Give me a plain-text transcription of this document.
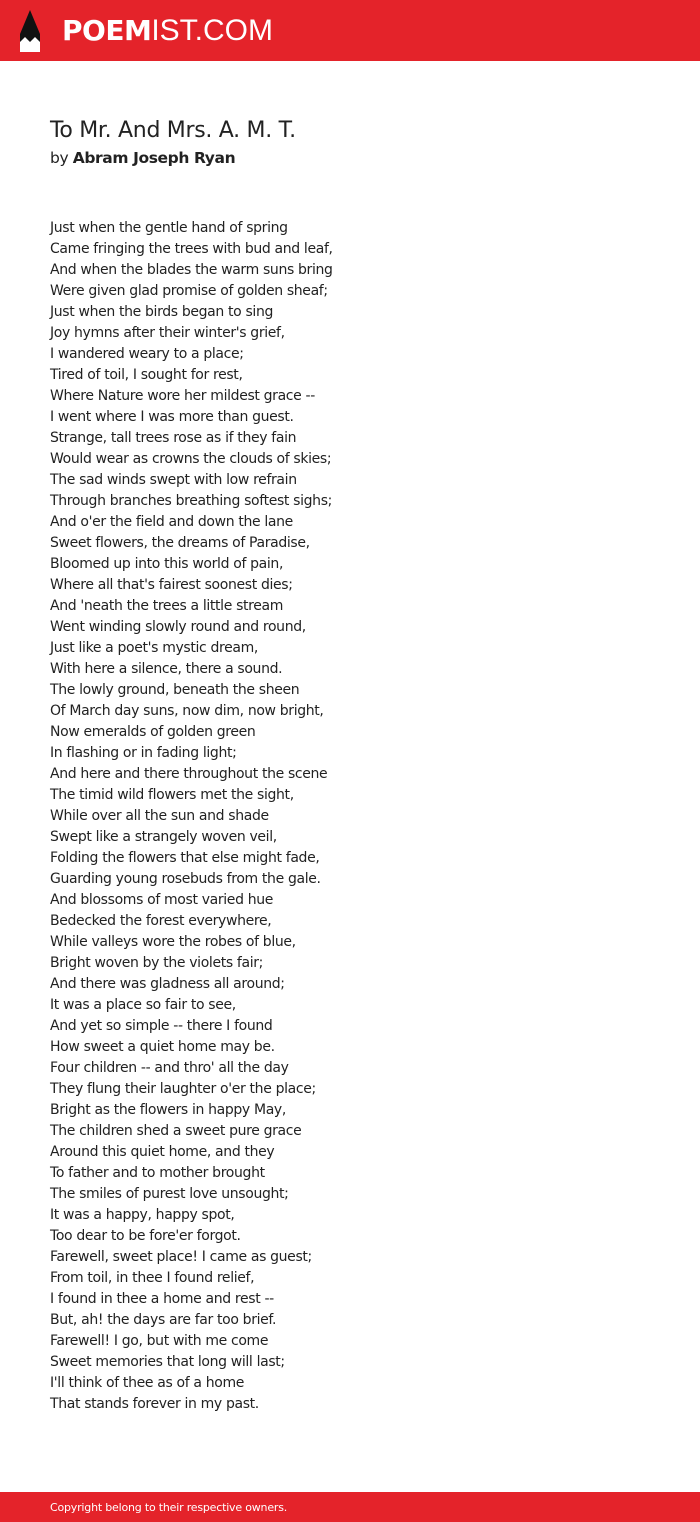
POEMIST.COM
To Mr. And Mrs. A. M. T.
by Abram Joseph Ryan
Just when the gentle hand of spring
Came fringing the trees with bud and leaf,
And when the blades the warm suns bring
Were given glad promise of golden sheaf;
Just when the birds began to sing
Joy hymns after their winter's grief,
I wandered weary to a place;
Tired of toil, I sought for rest,
Where Nature wore her mildest grace --
I went where I was more than guest.
Strange, tall trees rose as if they fain
Would wear as crowns the clouds of skies;
The sad winds swept with low refrain
Through branches breathing softest sighs;
And o'er the field and down the lane
Sweet flowers, the dreams of Paradise,
Bloomed up into this world of pain,
Where all that's fairest soonest dies;
And 'neath the trees a little stream
Went winding slowly round and round,
Just like a poet's mystic dream,
With here a silence, there a sound.
The lowly ground, beneath the sheen
Of March day suns, now dim, now bright,
Now emeralds of golden green
In flashing or in fading light;
And here and there throughout the scene
The timid wild flowers met the sight,
While over all the sun and shade
Swept like a strangely woven veil,
Folding the flowers that else might fade,
Guarding young rosebuds from the gale.
And blossoms of most varied hue
Bedecked the forest everywhere,
While valleys wore the robes of blue,
Bright woven by the violets fair;
And there was gladness all around;
It was a place so fair to see,
And yet so simple -- there I found
How sweet a quiet home may be.
Four children -- and thro' all the day
They flung their laughter o'er the place;
Bright as the flowers in happy May,
The children shed a sweet pure grace
Around this quiet home, and they
To father and to mother brought
The smiles of purest love unsought;
It was a happy, happy spot,
Too dear to be fore'er forgot.
Farewell, sweet place! I came as guest;
From toil, in thee I found relief,
I found in thee a home and rest --
But, ah! the days are far too brief.
Farewell! I go, but with me come
Sweet memories that long will last;
I'll think of thee as of a home
That stands forever in my past.
Copyright belong to their respective owners.
